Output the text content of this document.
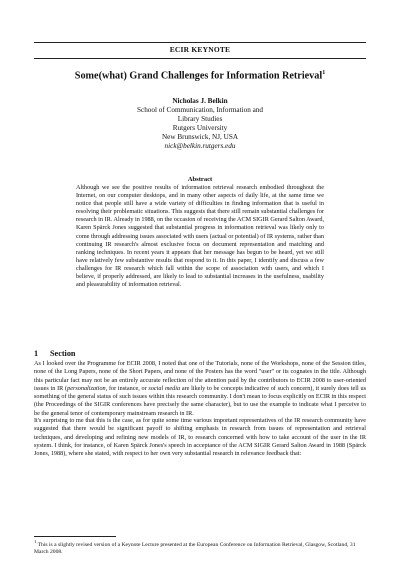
ECIR KEYNOTE
Some(what) Grand Challenges for Information Retrieval$^1$
Nicholas J. Belkin
School of Communication, Information and
Library Studies
Rutgers University
New Brunswick, NJ, USA
nick@belkin.rutgers.edu
Abstract

Although we see the positive results of information retrieval research embodied throughout the Internet, on our computer desktops, and in many other aspects of daily life, at the same time we notice that people still have a wide variety of difficulties in finding information that is useful in resolving their problematic situations. This suggests that there still remain substantial challenges for research in IR. Already in 1988, on the occasion of receiving the ACM SIGIR Gerard Salton Award, Karen Spärck Jones suggested that substantial progress in information retrieval was likely only to come through addressing issues associated with users (actual or potential) of IR systems, rather than continuing IR research's almost exclusive focus on document representation and matching and ranking techniques. In recent years it appears that her message has begun to be heard, yet we still have relatively few substantive results that respond to it. In this paper, I identify and discuss a few challenges for IR research which fall within the scope of association with users, and which I believe, if properly addressed, are likely to lead to substantial increases in the usefulness, usability and pleasurability of information retrieval.

1 Section

As I looked over the Programme for ECIR 2008, I noted that one of the Tutorials, none of the Workshops, none of the Session titles, none of the Long Papers, none of the Short Papers, and none of the Posters has the word "user" or its cognates in the title. Although this particular fact may not be an entirely accurate reflection of the attention paid by the contributors to ECIR 2008 to user-oriented issues in IR (personalization, for instance, or social media are likely to be concepts indicative of such concern), it surely does tell us something of the general status of such issues within this research community. I don't mean to focus explicitly on ECIR in this respect (the Proceedings of the SIGIR conferences have precisely the same character), but to use the example to indicate what I perceive to be the general tenor of contemporary mainstream research in IR.

It's surprising to me that this is the case, as for quite some time various important representatives of the IR research community have suggested that there would be significant payoff to shifting emphasis in research from issues of representation and retrieval techniques, and developing and refining new models of IR, to research concerned with how to take account of the user in the IR system. I think, for instance, of Karen Spärck Jones's speech in acceptance of the ACM SIGIR Gerard Salton Award in 1988 (Spärck Jones, 1988), where she stated, with respect to her own very substantial research in relevance feedback that:

$^1$ This is a slightly revised version of a Keynote Lecture presented at the European Conference on Information Retrieval, Glasgow, Scotland, 31 March 2008.
